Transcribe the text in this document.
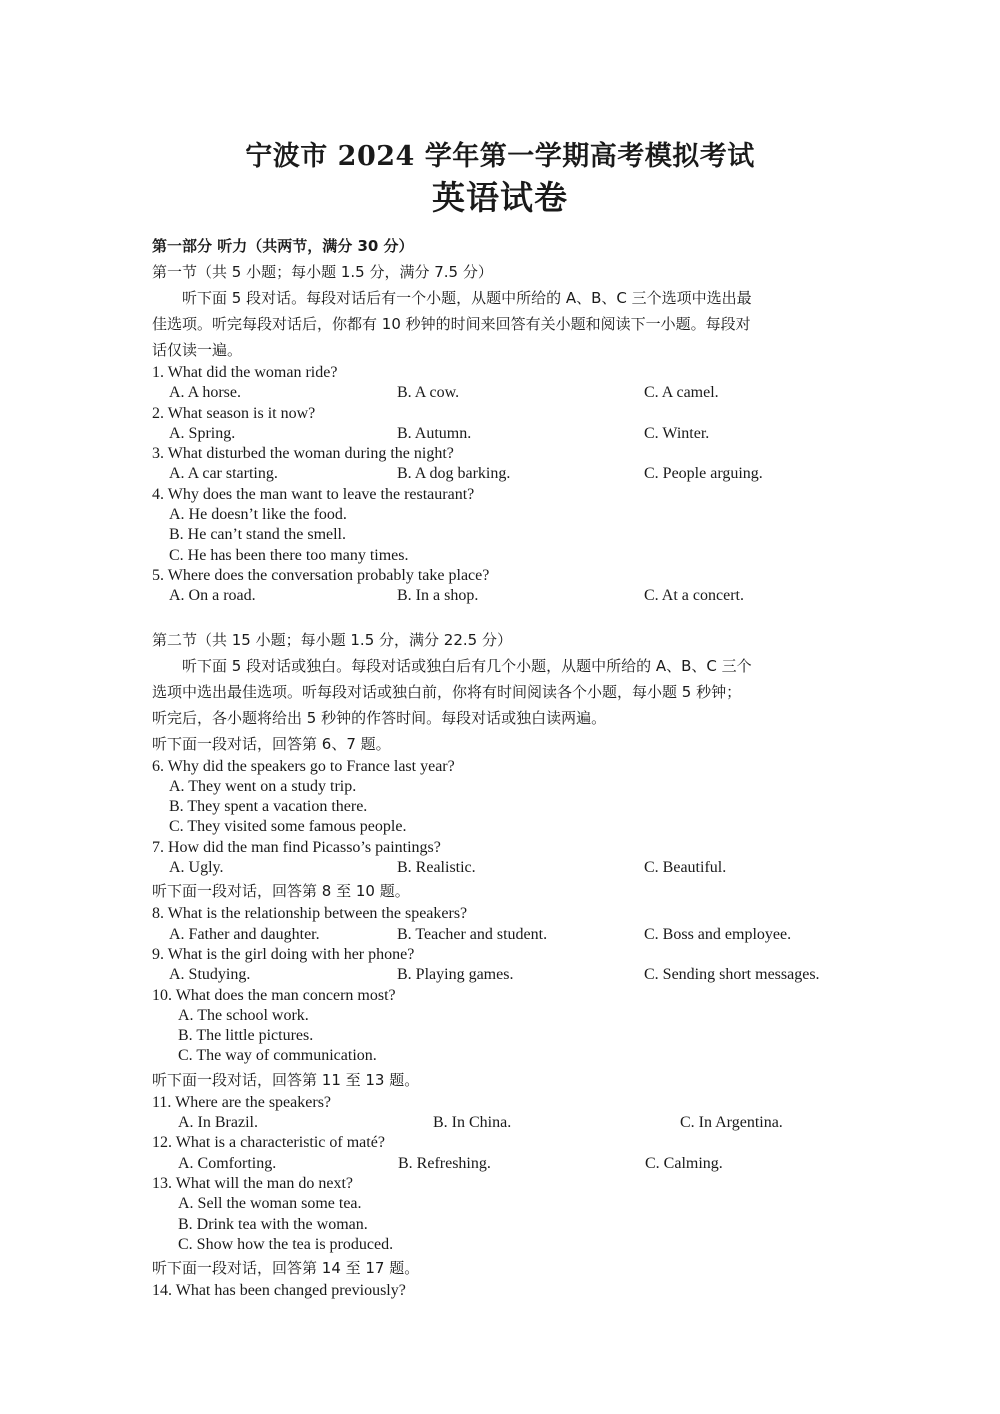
宁波市 2024 学年第一学期高考模拟考试
英语试卷
第一部分 听力（共两节，满分 30 分）
第一节（共 5 小题；每小题 1.5 分，满分 7.5 分）
听下面 5 段对话。每段对话后有一个小题，从题中所给的 A、B、C 三个选项中选出最
佳选项。听完每段对话后，你都有 10 秒钟的时间来回答有关小题和阅读下一小题。每段对
话仅读一遍。
1. What did the woman ride?
A. A horse.	B. A cow.	C. A camel.
2. What season is it now?
A. Spring.	B. Autumn.	C. Winter.
3. What disturbed the woman during the night?
A. A car starting.	B. A dog barking.	C. People arguing.
4. Why does the man want to leave the restaurant?
A. He doesn’t like the food.
B. He can’t stand the smell.
C. He has been there too many times.
5. Where does the conversation probably take place?
A. On a road.	B. In a shop.	C. At a concert.
第二节（共 15 小题；每小题 1.5 分，满分 22.5 分）
听下面 5 段对话或独白。每段对话或独白后有几个小题，从题中所给的 A、B、C 三个
选项中选出最佳选项。听每段对话或独白前，你将有时间阅读各个小题，每小题 5 秒钟；
听完后，各小题将给出 5 秒钟的作答时间。每段对话或独白读两遍。
听下面一段对话，回答第 6、7 题。
6. Why did the speakers go to France last year?
A. They went on a study trip.
B. They spent a vacation there.
C. They visited some famous people.
7. How did the man find Picasso’s paintings?
A. Ugly.	B. Realistic.	C. Beautiful.
听下面一段对话，回答第 8 至 10 题。
8. What is the relationship between the speakers?
A. Father and daughter.	B. Teacher and student.	C. Boss and employee.
9. What is the girl doing with her phone?
A. Studying.	B. Playing games.	C. Sending short messages.
10. What does the man concern most?
A. The school work.
B. The little pictures.
C. The way of communication.
听下面一段对话，回答第 11 至 13 题。
11. Where are the speakers?
A. In Brazil.	B. In China.	C. In Argentina.
12. What is a characteristic of maté?
A. Comforting.	B. Refreshing.	C. Calming.
13. What will the man do next?
A. Sell the woman some tea.
B. Drink tea with the woman.
C. Show how the tea is produced.
听下面一段对话，回答第 14 至 17 题。
14. What has been changed previously?
